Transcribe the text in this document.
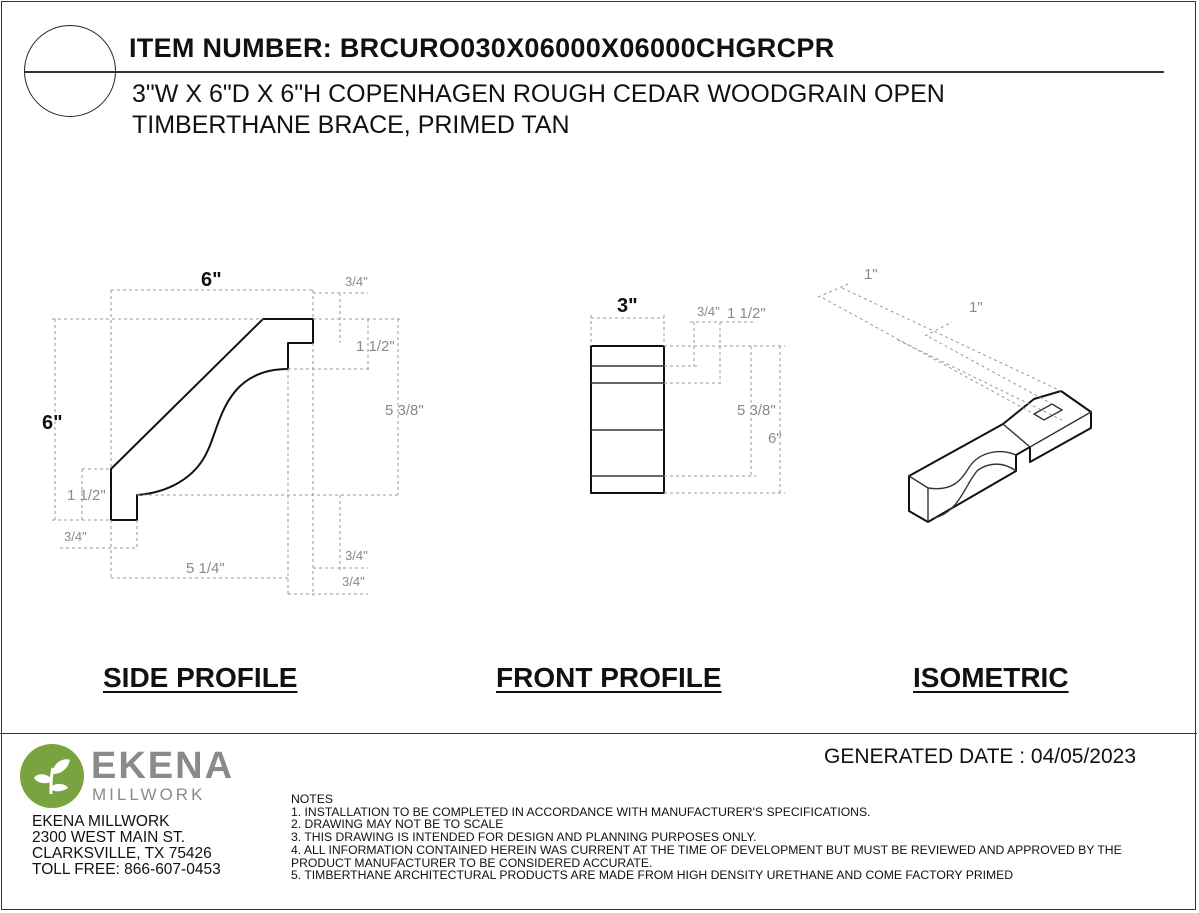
ITEM NUMBER: BRCURO030X06000X06000CHGRCPR
3"W X 6"D X 6"H COPENHAGEN ROUGH CEDAR WOODGRAIN OPEN
TIMBERTHANE BRACE, PRIMED TAN
6"
6"
3/4"
1 1/2"
5 3/8"
1 1/2"
3/4"
5 1/4"
3/4"
3/4"
3"	3/4" 1 1/2"
5 3/8"
6"
1"
1"
SIDE PROFILE	FRONT PROFILE	ISOMETRIC
EKENA
MILLWORK
EKENA MILLWORK
2300 WEST MAIN ST.
CLARKSVILLE, TX 75426
TOLL FREE: 866-607-0453
GENERATED DATE : 04/05/2023
NOTES
1. INSTALLATION TO BE COMPLETED IN ACCORDANCE WITH MANUFACTURER'S SPECIFICATIONS.
2. DRAWING MAY NOT BE TO SCALE
3. THIS DRAWING IS INTENDED FOR DESIGN AND PLANNING PURPOSES ONLY.
4. ALL INFORMATION CONTAINED HEREIN WAS CURRENT AT THE TIME OF DEVELOPMENT BUT MUST BE REVIEWED AND APPROVED BY THE PRODUCT MANUFACTURER TO BE CONSIDERED ACCURATE.
5. TIMBERTHANE ARCHITECTURAL PRODUCTS ARE MADE FROM HIGH DENSITY URETHANE AND COME FACTORY PRIMED
